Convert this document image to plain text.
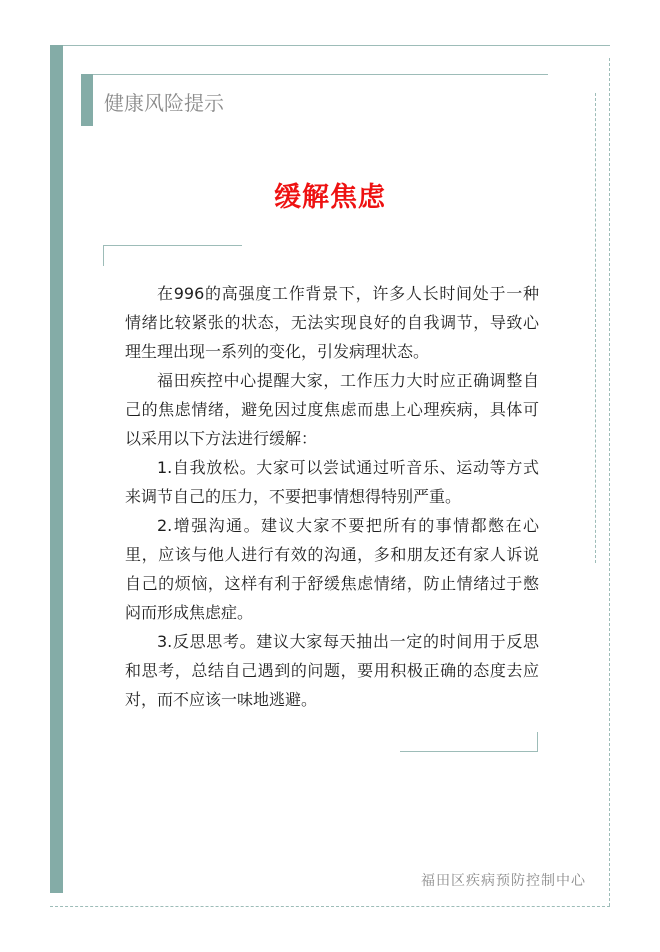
健康风险提示
缓解焦虑

在996的高强度工作背景下，许多人长时间处于一种情绪比较紧张的状态，无法实现良好的自我调节，导致心理生理出现一系列的变化，引发病理状态。

福田疾控中心提醒大家，工作压力大时应正确调整自己的焦虑情绪，避免因过度焦虑而患上心理疾病，具体可以采用以下方法进行缓解：

1.自我放松。大家可以尝试通过听音乐、运动等方式来调节自己的压力，不要把事情想得特别严重。

2.增强沟通。建议大家不要把所有的事情都憋在心里，应该与他人进行有效的沟通，多和朋友还有家人诉说自己的烦恼，这样有利于舒缓焦虑情绪，防止情绪过于憋闷而形成焦虑症。

3.反思思考。建议大家每天抽出一定的时间用于反思和思考，总结自己遇到的问题，要用积极正确的态度去应对，而不应该一味地逃避。

福田区疾病预防控制中心
